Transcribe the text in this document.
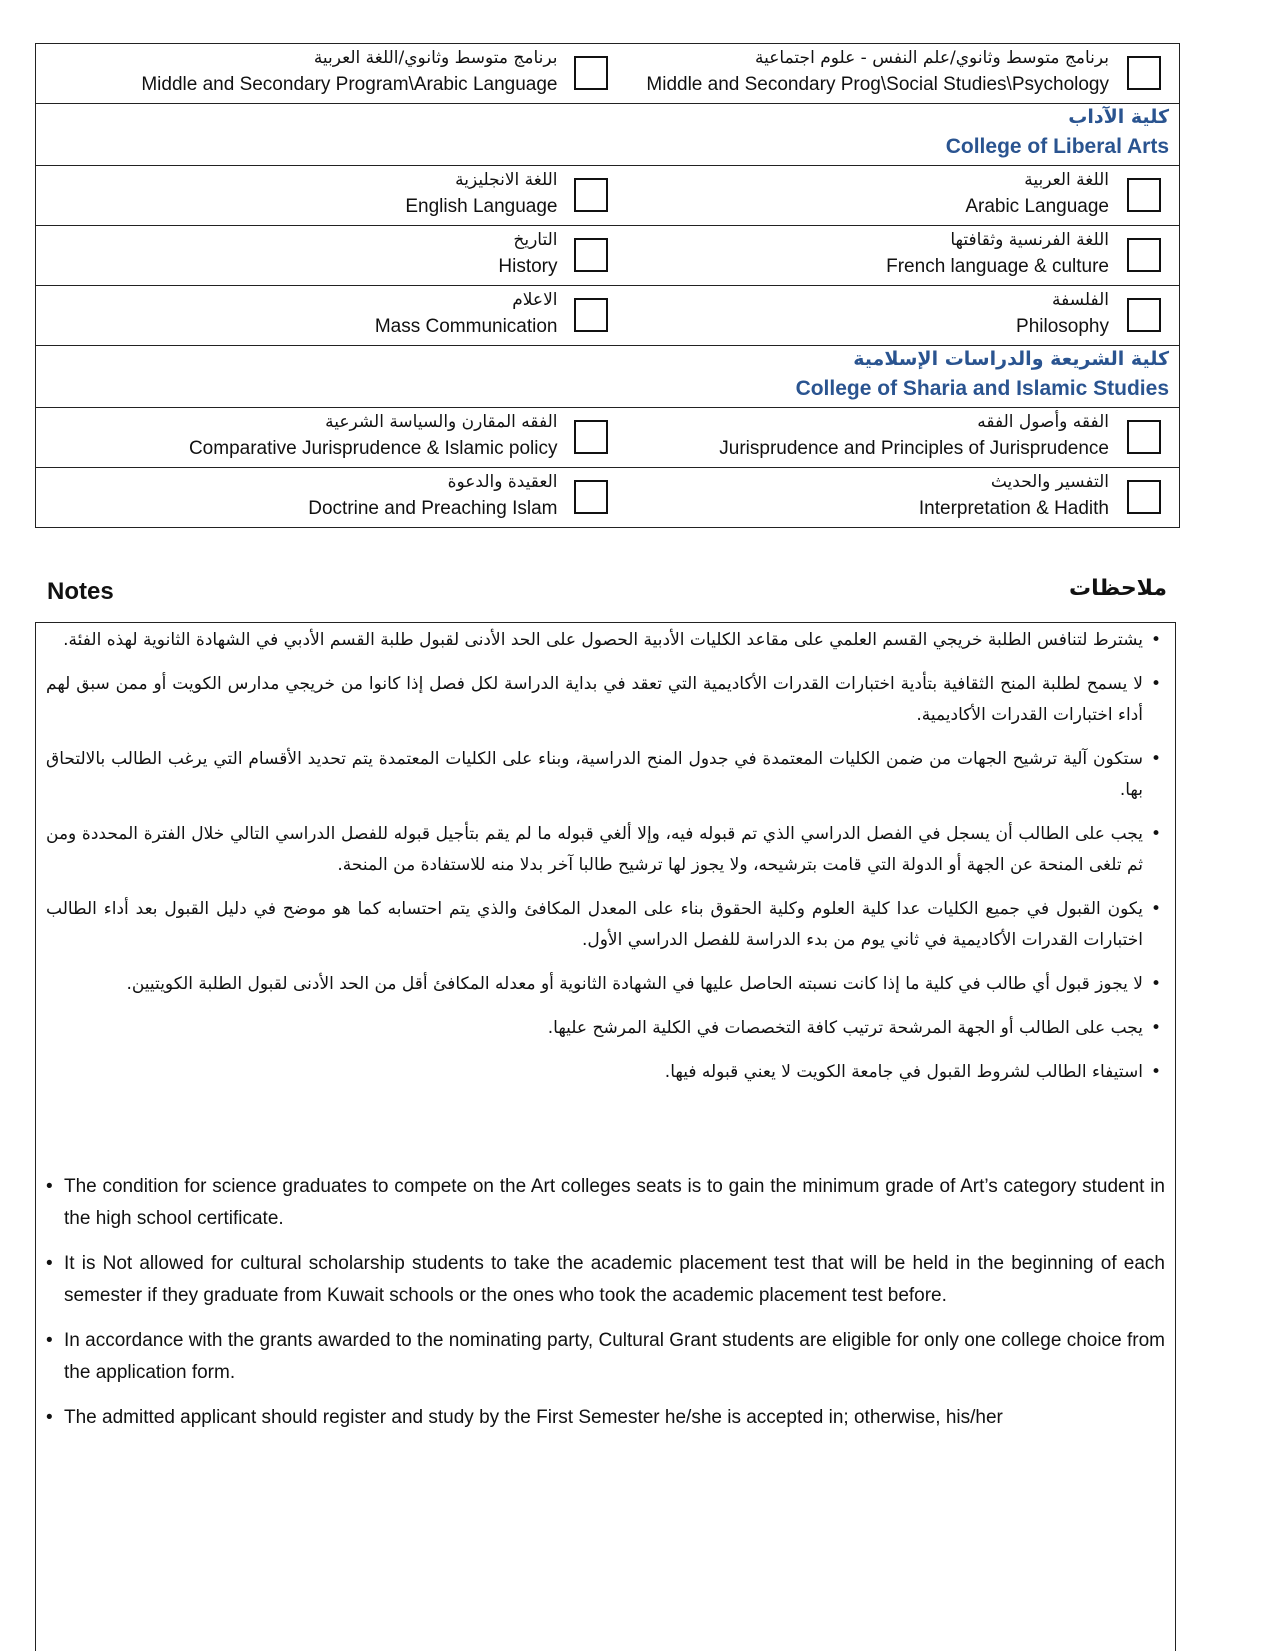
برنامج متوسط وثانوي/اللغة العربية
Middle and Secondary Program\Arabic Language
برنامج متوسط وثانوي/علم النفس - علوم اجتماعية
Middle and Secondary Prog\Social Studies\Psychology
كلية الآداب
College of Liberal Arts
اللغة الانجليزية
English Language
اللغة العربية
Arabic Language
التاريخ
History
اللغة الفرنسية وثقافتها
French language & culture
الاعلام
Mass Communication
الفلسفة
Philosophy
كلية الشريعة والدراسات الإسلامية
College of Sharia and Islamic Studies
الفقه المقارن والسياسة الشرعية
Comparative Jurisprudence & Islamic policy
الفقه وأصول الفقه
Jurisprudence and Principles of Jurisprudence
العقيدة والدعوة
Doctrine and Preaching Islam
التفسير والحديث
Interpretation & Hadith
Notes	ملاحظات

• يشترط لتنافس الطلبة خريجي القسم العلمي على مقاعد الكليات الأدبية الحصول على الحد الأدنى لقبول طلبة القسم الأدبي في الشهادة الثانوية لهذه الفئة.

• لا يسمح لطلبة المنح الثقافية بتأدية اختبارات القدرات الأكاديمية التي تعقد في بداية الدراسة لكل فصل إذا كانوا من خريجي مدارس الكويت أو ممن سبق لهم أداء اختبارات القدرات الأكاديمية.

• ستكون آلية ترشيح الجهات من ضمن الكليات المعتمدة في جدول المنح الدراسية، وبناء على الكليات المعتمدة يتم تحديد الأقسام التي يرغب الطالب بالالتحاق بها.

• يجب على الطالب أن يسجل في الفصل الدراسي الذي تم قبوله فيه، وإلا ألغي قبوله ما لم يقم بتأجيل قبوله للفصل الدراسي التالي خلال الفترة المحددة ومن ثم تلغى المنحة عن الجهة أو الدولة التي قامت بترشيحه، ولا يجوز لها ترشيح طالبا آخر بدلا منه للاستفادة من المنحة.

• يكون القبول في جميع الكليات عدا كلية العلوم وكلية الحقوق بناء على المعدل المكافئ والذي يتم احتسابه كما هو موضح في دليل القبول بعد أداء الطالب اختبارات القدرات الأكاديمية في ثاني يوم من بدء الدراسة للفصل الدراسي الأول.

• لا يجوز قبول أي طالب في كلية ما إذا كانت نسبته الحاصل عليها في الشهادة الثانوية أو معدله المكافئ أقل من الحد الأدنى لقبول الطلبة الكويتيين.

• يجب على الطالب أو الجهة المرشحة ترتيب كافة التخصصات في الكلية المرشح عليها.

• استيفاء الطالب لشروط القبول في جامعة الكويت لا يعني قبوله فيها.

• The condition for science graduates to compete on the Art colleges seats is to gain the minimum grade of Art’s category student in the high school certificate.

• It is Not allowed for cultural scholarship students to take the academic placement test that will be held in the beginning of each semester if they graduate from Kuwait schools or the ones who took the academic placement test before.

• In accordance with the grants awarded to the nominating party, Cultural Grant students are eligible for only one college choice from the application form.

• The admitted applicant should register and study by the First Semester he/she is accepted in; otherwise, his/her
